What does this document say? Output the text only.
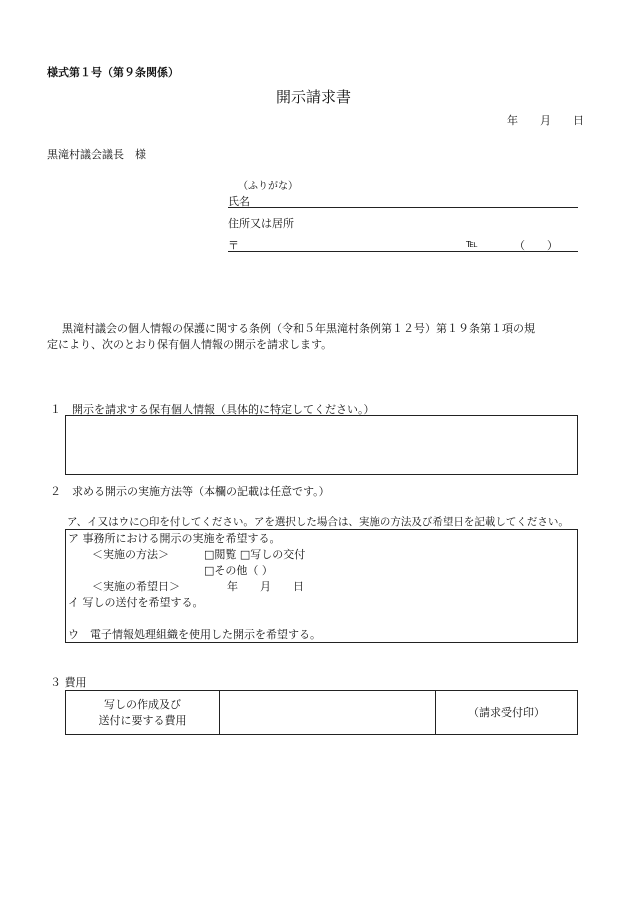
様式第１号（第９条関係）
開示請求書
年　　月　　日
黒滝村議会議長　様
（ふりがな）
氏名
住所又は居所
〒	℡	（　　）
黒滝村議会の個人情報の保護に関する条例（令和５年黒滝村条例第１２号）第１９条第１項の規
定により、次のとおり保有個人情報の開示を請求します。
１　開示を請求する保有個人情報（具体的に特定してください。）
２　求める開示の実施方法等（本欄の記載は任意です。）
ア、イ又はウに○印を付してください。アを選択した場合は、実施の方法及び希望日を記載してください。
ア 事務所における開示の実施を希望する。
＜実施の方法＞	□閲覧 □写しの交付
□その他（ ）
＜実施の希望日＞	年　　月　　日
イ 写しの送付を希望する。
ウ　電子情報処理組織を使用した開示を希望する。
３ 費用
写しの作成及び
送付に要する費用
		（請求受付印）
